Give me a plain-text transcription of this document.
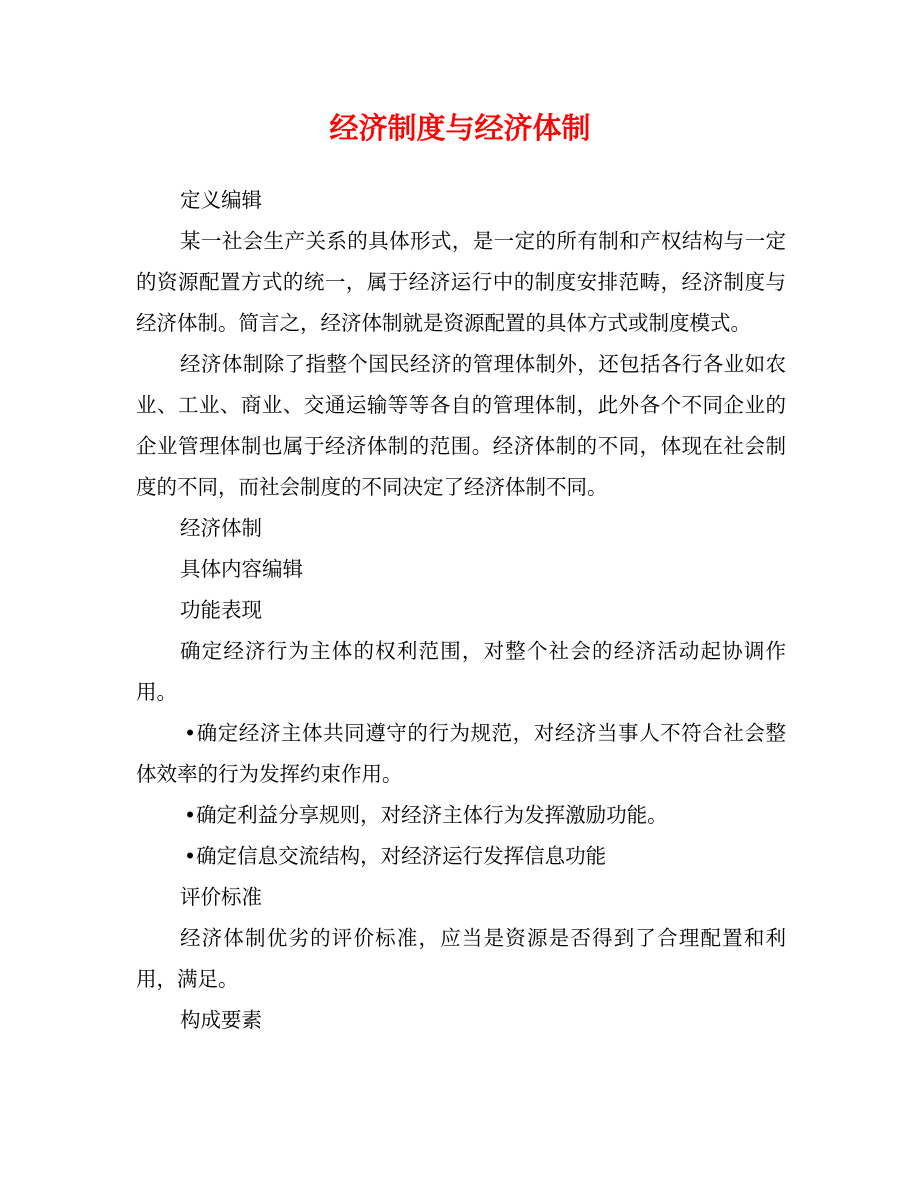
经济制度与经济体制

定义编辑

某一社会生产关系的具体形式，是一定的所有制和产权结构与一定的资源配置方式的统一，属于经济运行中的制度安排范畴，经济制度与经济体制。简言之，经济体制就是资源配置的具体方式或制度模式。

经济体制除了指整个国民经济的管理体制外，还包括各行各业如农业、工业、商业、交通运输等等各自的管理体制，此外各个不同企业的企业管理体制也属于经济体制的范围。经济体制的不同，体现在社会制度的不同，而社会制度的不同决定了经济体制不同。

经济体制

具体内容编辑

功能表现

确定经济行为主体的权利范围，对整个社会的经济活动起协调作用。

•确定经济主体共同遵守的行为规范，对经济当事人不符合社会整体效率的行为发挥约束作用。

•确定利益分享规则，对经济主体行为发挥激励功能。

•确定信息交流结构，对经济运行发挥信息功能

评价标准

经济体制优劣的评价标准，应当是资源是否得到了合理配置和利用，满足。

构成要素
